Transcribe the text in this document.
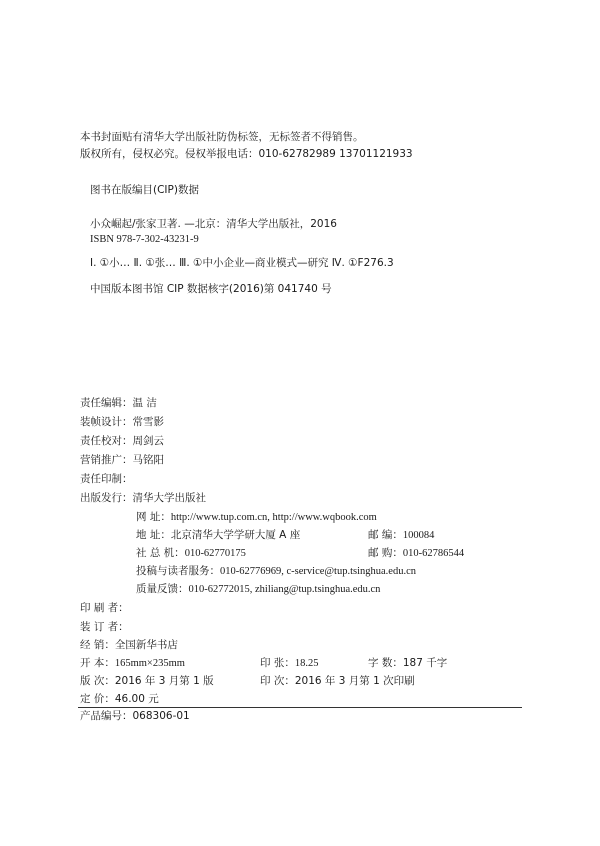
本书封面贴有清华大学出版社防伪标签，无标签者不得销售。
版权所有，侵权必究。侵权举报电话：010-62782989 13701121933
图书在版编目(CIP)数据
小众崛起/张家卫著. —北京：清华大学出版社，2016
ISBN 978-7-302-43231-9
Ⅰ. ①小… Ⅱ. ①张… Ⅲ. ①中小企业—商业模式—研究 Ⅳ. ①F276.3
中国版本图书馆 CIP 数据核字(2016)第 041740 号
责任编辑：温 洁
装帧设计：常雪影
责任校对：周剑云
营销推广：马铭阳
责任印制：
出版发行：清华大学出版社
网 址：http://www.tup.com.cn, http://www.wqbook.com
地 址：北京清华大学学研大厦 A 座	邮 编：100084
社 总 机：010-62770175	邮 购：010-62786544
投稿与读者服务：010-62776969, c-service@tup.tsinghua.edu.cn
质量反馈：010-62772015, zhiliang@tup.tsinghua.edu.cn
印 刷 者：
装 订 者：
经 销：全国新华书店
开 本：165mm×235mm	印 张：18.25	字 数：187 千字
版 次：2016 年 3 月第 1 版	印 次：2016 年 3 月第 1 次印刷
定 价：46.00 元
产品编号：068306-01
